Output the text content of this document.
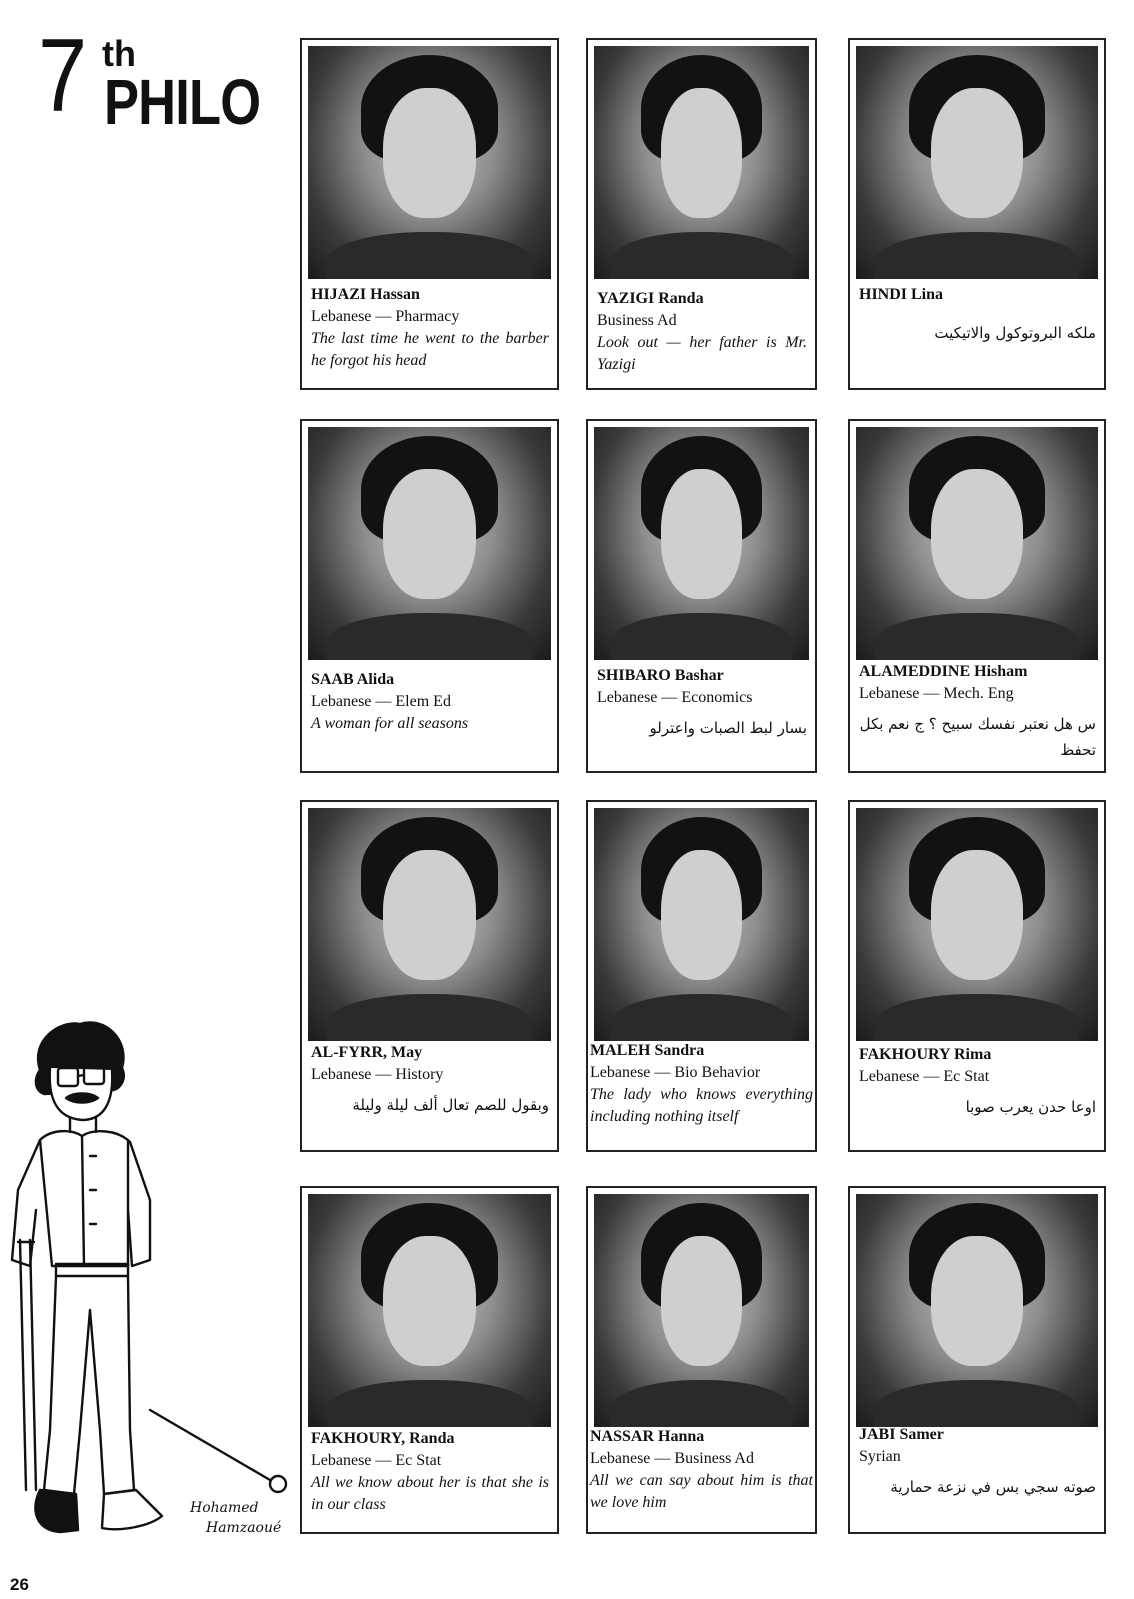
7 th
PHILO
Hohamed
Hamzaoué
HIJAZI Hassan
Lebanese — Pharmacy
The last time he went to the barber he forgot his head
YAZIGI Randa
Business Ad
Look out — her father is Mr. Yazigi
HINDI Lina
ملكه البروتوكول والاتيكيت
SAAB Alida
Lebanese — Elem Ed
A woman for all seasons
SHIBARO Bashar
Lebanese — Economics
بسار لبط الصبات واعترلو
ALAMEDDINE Hisham
Lebanese — Mech. Eng
س هل نعتبر نفسك سبيح ؟ ج نعم بكل تحفظ
AL-FYRR, May
Lebanese — History
وبقول للصم تعال ألف ليلة وليلة
MALEH Sandra
Lebanese — Bio Behavior
The lady who knows everything including nothing itself
FAKHOURY Rima
Lebanese — Ec Stat
اوعا حدن يعرب صوبا
FAKHOURY, Randa
Lebanese — Ec Stat
All we know about her is that she is in our class
NASSAR Hanna
Lebanese — Business Ad
All we can say about him is that we love him
JABI Samer
Syrian
صوته سجي بس في نزعة حمارية
26
